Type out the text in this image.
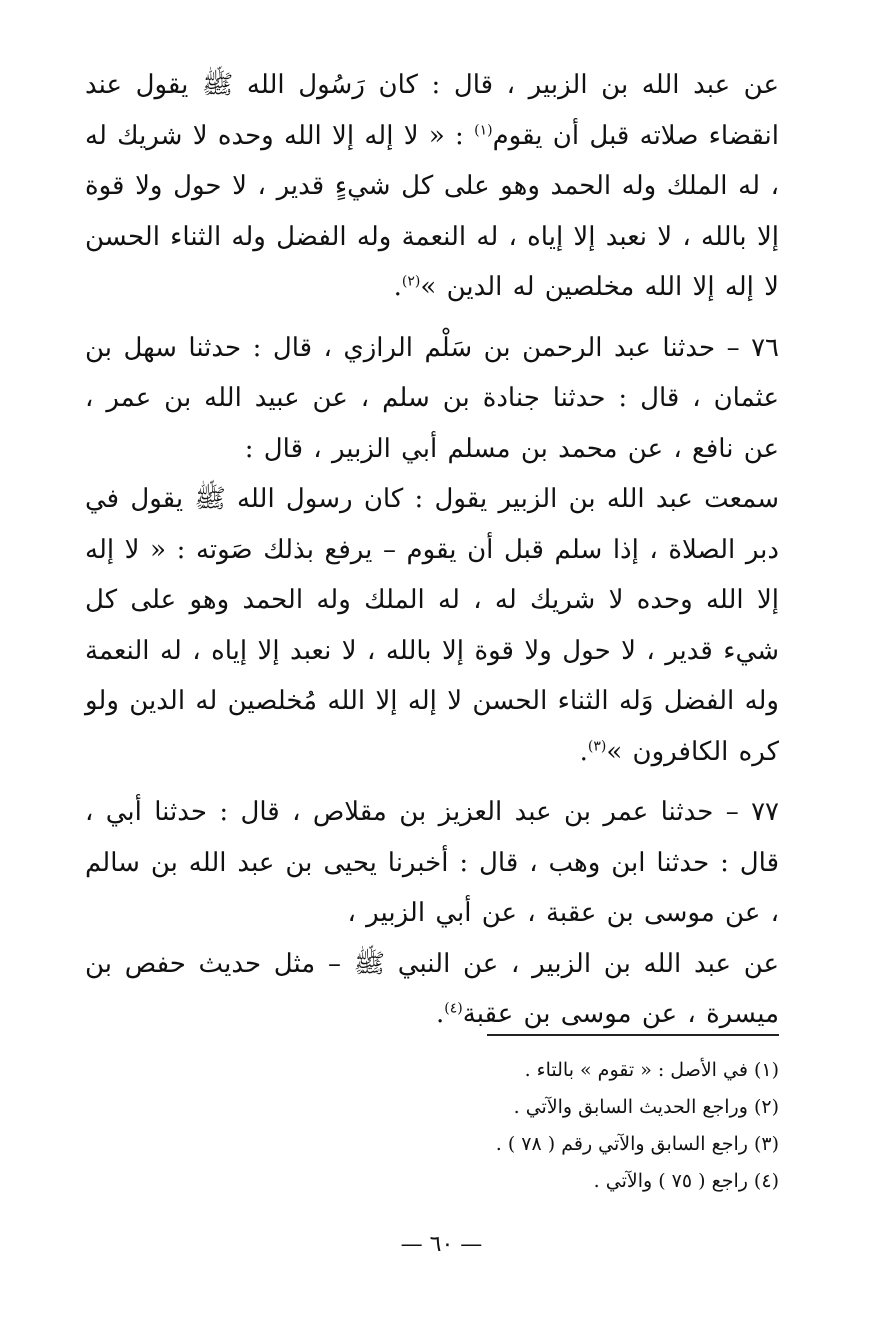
عن عبد الله بن الزبير ، قال : كان رَسُول الله ﷺ يقول عند انقضاء صلاته قبل أن يقوم$^{(١)}$ : « لا إله إلا الله وحده لا شريك له ، له الملك وله الحمد وهو على كل شيءٍ قدير ، لا حول ولا قوة إلا بالله ، لا نعبد إلا إياه ، له النعمة وله الفضل وله الثناء الحسن لا إله إلا الله مخلصين له الدين »$^{(٢)}$.

٧٦ – حدثنا عبد الرحمن بن سَلْم الرازي ، قال : حدثنا سهل بن عثمان ، قال : حدثنا جنادة بن سلم ، عن عبيد الله بن عمر ، عن نافع ، عن محمد بن مسلم أبي الزبير ، قال :

سمعت عبد الله بن الزبير يقول : كان رسول الله ﷺ يقول في دبر الصلاة ، إذا سلم قبل أن يقوم – يرفع بذلك صَوته : « لا إله إلا الله وحده لا شريك له ، له الملك وله الحمد وهو على كل شيء قدير ، لا حول ولا قوة إلا بالله ، لا نعبد إلا إياه ، له النعمة وله الفضل وَله الثناء الحسن لا إله إلا الله مُخلصين له الدين ولو كره الكافرون »$^{(٣)}$.

٧٧ – حدثنا عمر بن عبد العزيز بن مقلاص ، قال : حدثنا أبي ، قال : حدثنا ابن وهب ، قال : أخبرنا يحيى بن عبد الله بن سالم ، عن موسى بن عقبة ، عن أبي الزبير ،

عن عبد الله بن الزبير ، عن النبي ﷺ – مثل حديث حفص بن ميسرة ، عن موسى بن عقبة$^{(٤)}$.

(١) في الأصل : « تقوم » بالتاء .

(٢) وراجع الحديث السابق والآتي .

(٣) راجع السابق والآتي رقم ( ٧٨ ) .

(٤) راجع ( ٧٥ ) والآتي .

— ٦٠ —
